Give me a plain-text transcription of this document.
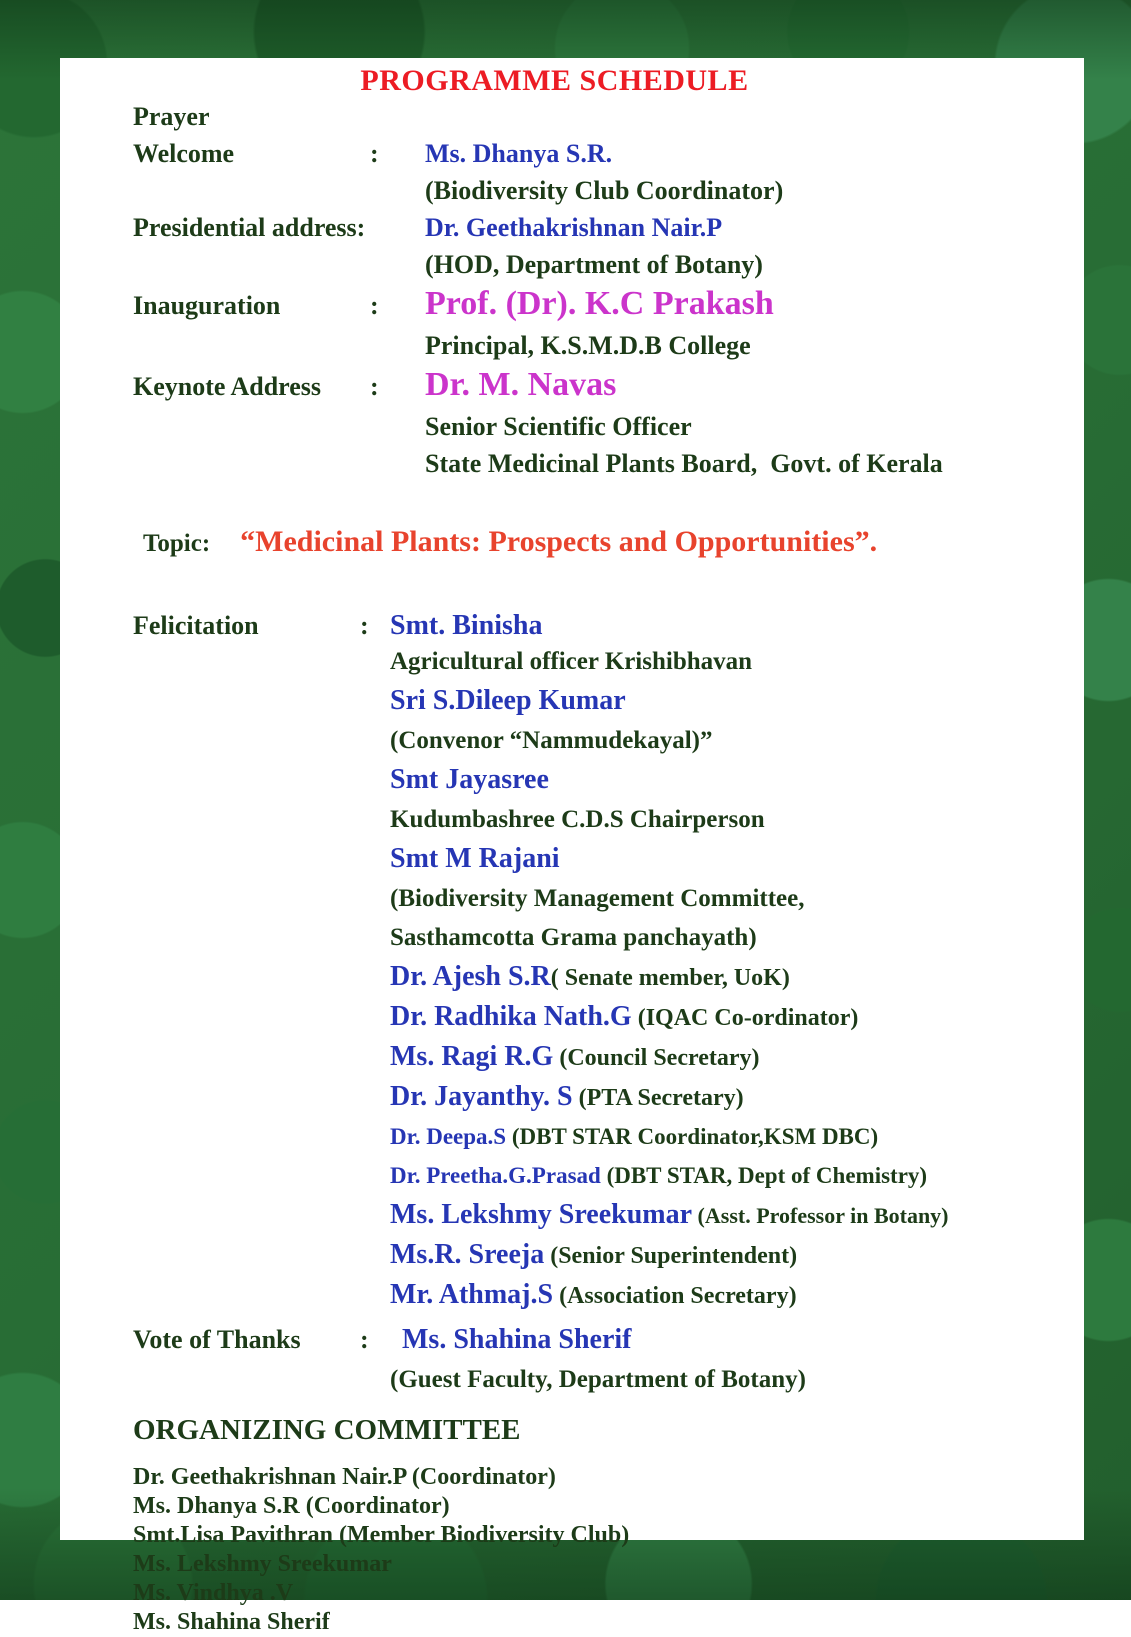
PROGRAMME SCHEDULE
Prayer
Welcome	:	Ms. Dhanya S.R.
(Biodiversity Club Coordinator)
Presidential address:	Dr. Geethakrishnan Nair.P
(HOD, Department of Botany)
Inauguration	:	Prof. (Dr). K.C Prakash
Principal, K.S.M.D.B College
Keynote Address	:	Dr. M. Navas
Senior Scientific Officer
State Medicinal Plants Board,  Govt. of Kerala
Topic: “Medicinal Plants: Prospects and Opportunities”.
Felicitation	: Smt. Binisha
Agricultural officer Krishibhavan
Sri S.Dileep Kumar
(Convenor “Nammudekayal)”
Smt Jayasree
Kudumbashree C.D.S Chairperson
Smt M Rajani
(Biodiversity Management Committee,
Sasthamcotta Grama panchayath)
Dr. Ajesh S.R( Senate member, UoK)
Dr. Radhika Nath.G (IQAC Co-ordinator)
Ms. Ragi R.G (Council Secretary)
Dr. Jayanthy. S (PTA Secretary)
Dr. Deepa.S (DBT STAR Coordinator,KSM DBC)
Dr. Preetha.G.Prasad (DBT STAR, Dept of Chemistry)
Ms. Lekshmy Sreekumar (Asst. Professor in Botany)
Ms.R. Sreeja (Senior Superintendent)
Mr. Athmaj.S (Association Secretary)
Vote of Thanks	:	Ms. Shahina Sherif
(Guest Faculty, Department of Botany)
ORGANIZING COMMITTEE
Dr. Geethakrishnan Nair.P (Coordinator)
Ms. Dhanya S.R (Coordinator)
Smt.Lisa Pavithran (Member Biodiversity Club)
Ms. Lekshmy Sreekumar
Ms. Vindhya .V
Ms. Shahina Sherif
